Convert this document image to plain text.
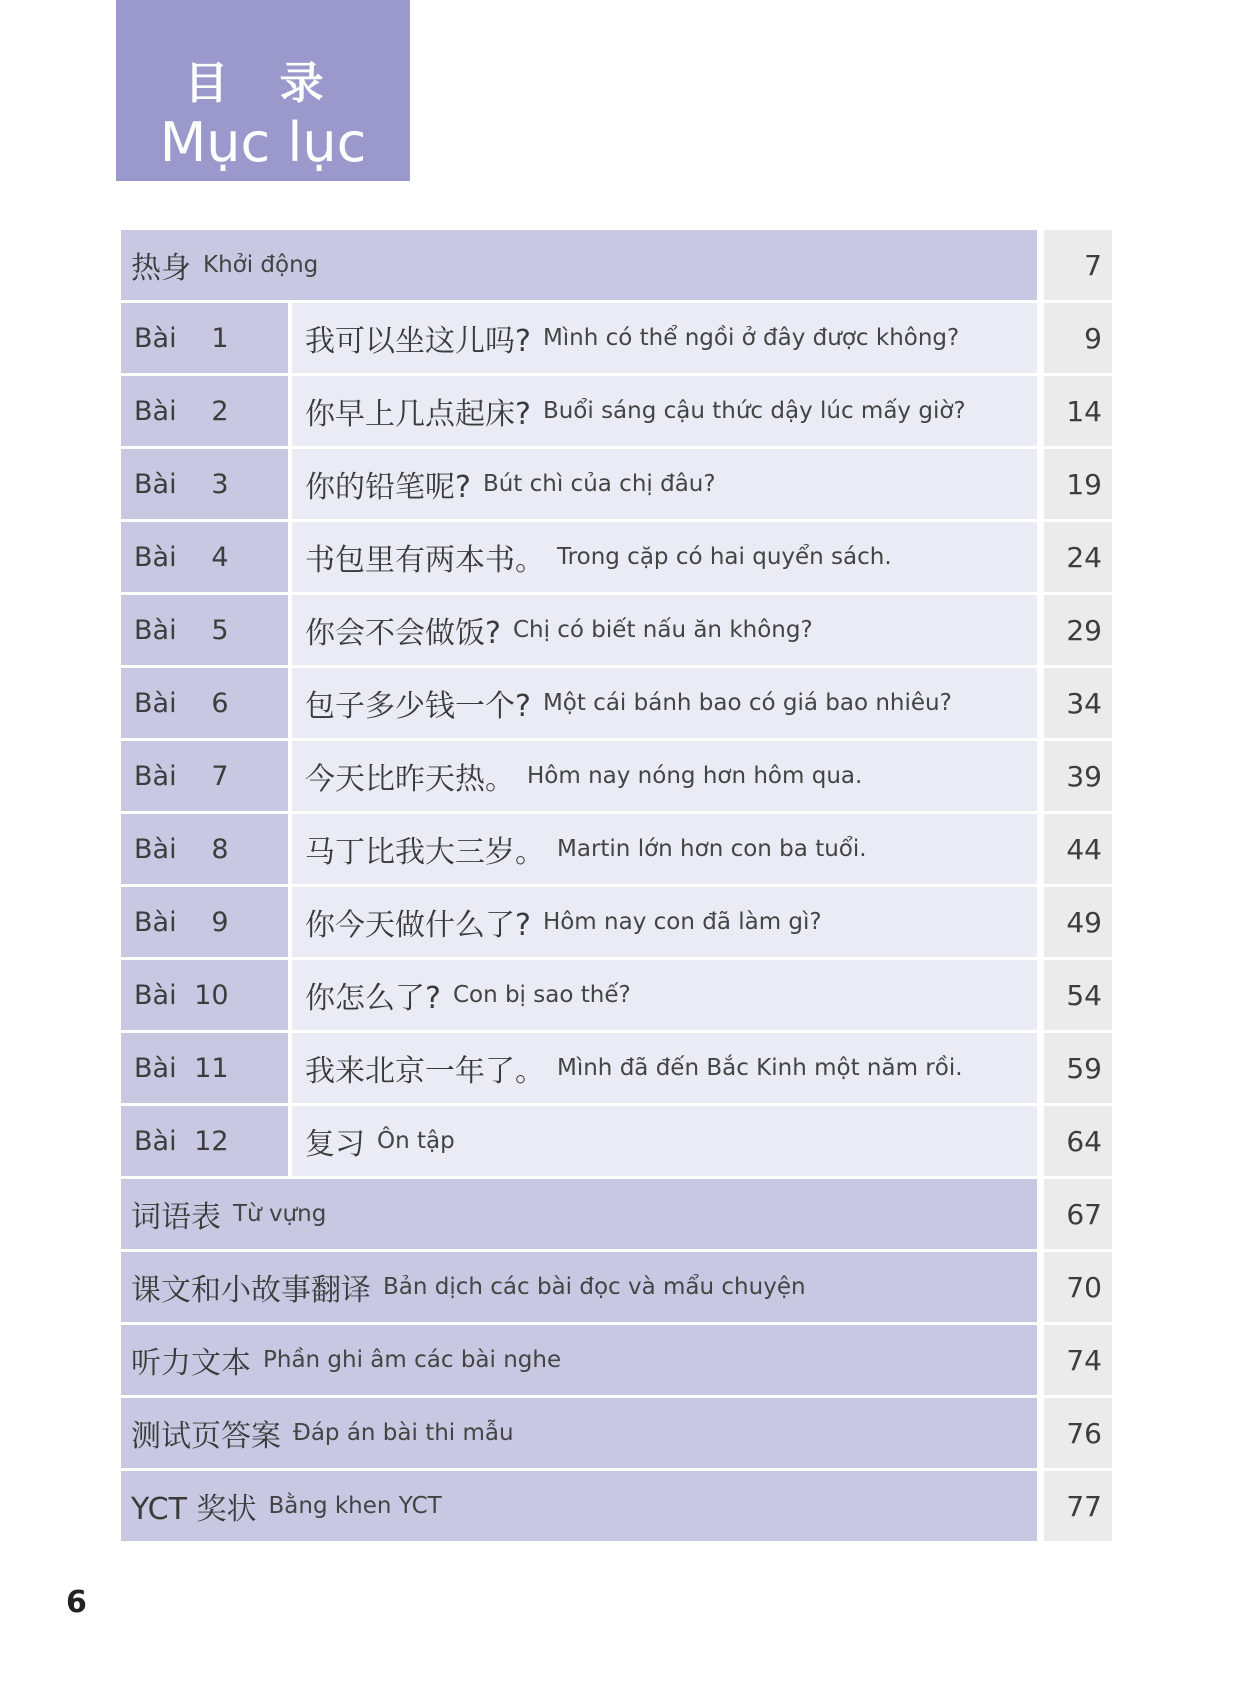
目 录
Mục lục
热身 Khởi động	7
Bài	1	我可以坐这儿吗? Mình có thể ngồi ở đây được không?	9
Bài	2	你早上几点起床? Buổi sáng cậu thức dậy lúc mấy giờ?	14
Bài	3	你的铅笔呢? Bút chì của chị đâu?	19
Bài	4	书包里有两本书。 Trong cặp có hai quyển sách.	24
Bài	5	你会不会做饭? Chị có biết nấu ăn không?	29
Bài	6	包子多少钱一个? Một cái bánh bao có giá bao nhiêu?	34
Bài	7	今天比昨天热。 Hôm nay nóng hơn hôm qua.	39
Bài	8	马丁比我大三岁。 Martin lớn hơn con ba tuổi.	44
Bài	9	你今天做什么了? Hôm nay con đã làm gì?	49
Bài 10	你怎么了? Con bị sao thế?	54
Bài 11	我来北京一年了。 Mình đã đến Bắc Kinh một năm rồi.	59
Bài 12	复习 Ôn tập	64
词语表 Từ vựng	67
课文和小故事翻译 Bản dịch các bài đọc và mẩu chuyện	70
听力文本 Phần ghi âm các bài nghe	74
测试页答案 Đáp án bài thi mẫu	76
YCT 奖状 Bằng khen YCT	77
6
